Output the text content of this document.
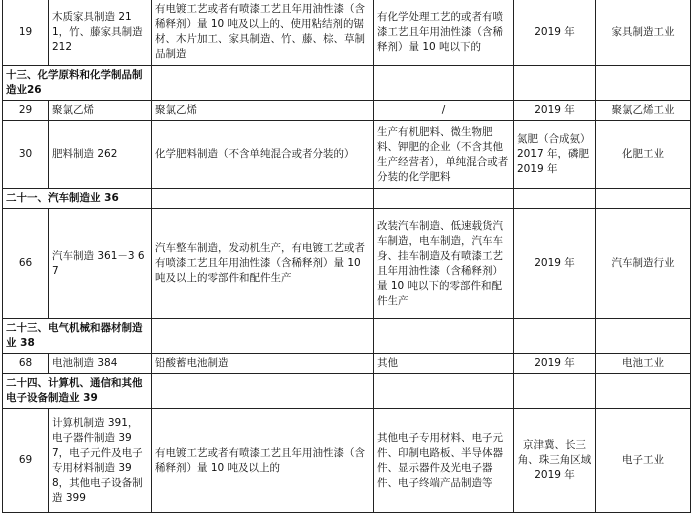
19	木质家具制造 211，竹、藤家具制造 212	有电镀工艺或者有喷漆工艺且年用油性漆（含稀释剂）量 10 吨及以上的、使用粘结剂的锯材、木片加工、家具制造、竹、藤、棕、草制品制造	有化学处理工艺的或者有喷漆工艺且年用油性漆（含稀释剂）量 10 吨以下的	2019 年	家具制造工业
十三、化学原料和化学制品制造业26					
29	聚氯乙烯	聚氯乙烯	/	2019 年	聚氯乙烯工业
30	肥料制造 262	化学肥料制造（不含单纯混合或者分装的）	生产有机肥料、微生物肥料、钾肥的企业（不含其他生产经营者），单纯混合或者分装的化学肥料	氮肥（合成氨）2017 年，磷肥 2019 年	化肥工业
二十一、汽车制造业 36					
66	汽车制造 361－3 67	汽车整车制造，发动机生产，有电镀工艺或者有喷漆工艺且年用油性漆（含稀释剂）量 10 吨及以上的零部件和配件生产	改装汽车制造、低速载货汽车制造，电车制造，汽车车身、挂车制造及有喷漆工艺且年用油性漆（含稀释剂）量 10 吨以下的零部件和配件生产	2019 年	汽车制造行业
二十三、电气机械和器材制造业 38					
68	电池制造 384	铅酸蓄电池制造	其他	2019 年	电池工业
二十四、计算机、通信和其他电子设备制造业 39					
69	计算机制造 391，电子器件制造 397，电子元件及电子专用材料制造 398，其他电子设备制造 399	有电镀工艺或者有喷漆工艺且年用油性漆（含稀释剂）量 10 吨及以上的	其他电子专用材料、电子元件、印制电路板、半导体器件、显示器件及光电子器件、电子终端产品制造等	京津冀、长三角、珠三角区域 2019 年	电子工业
